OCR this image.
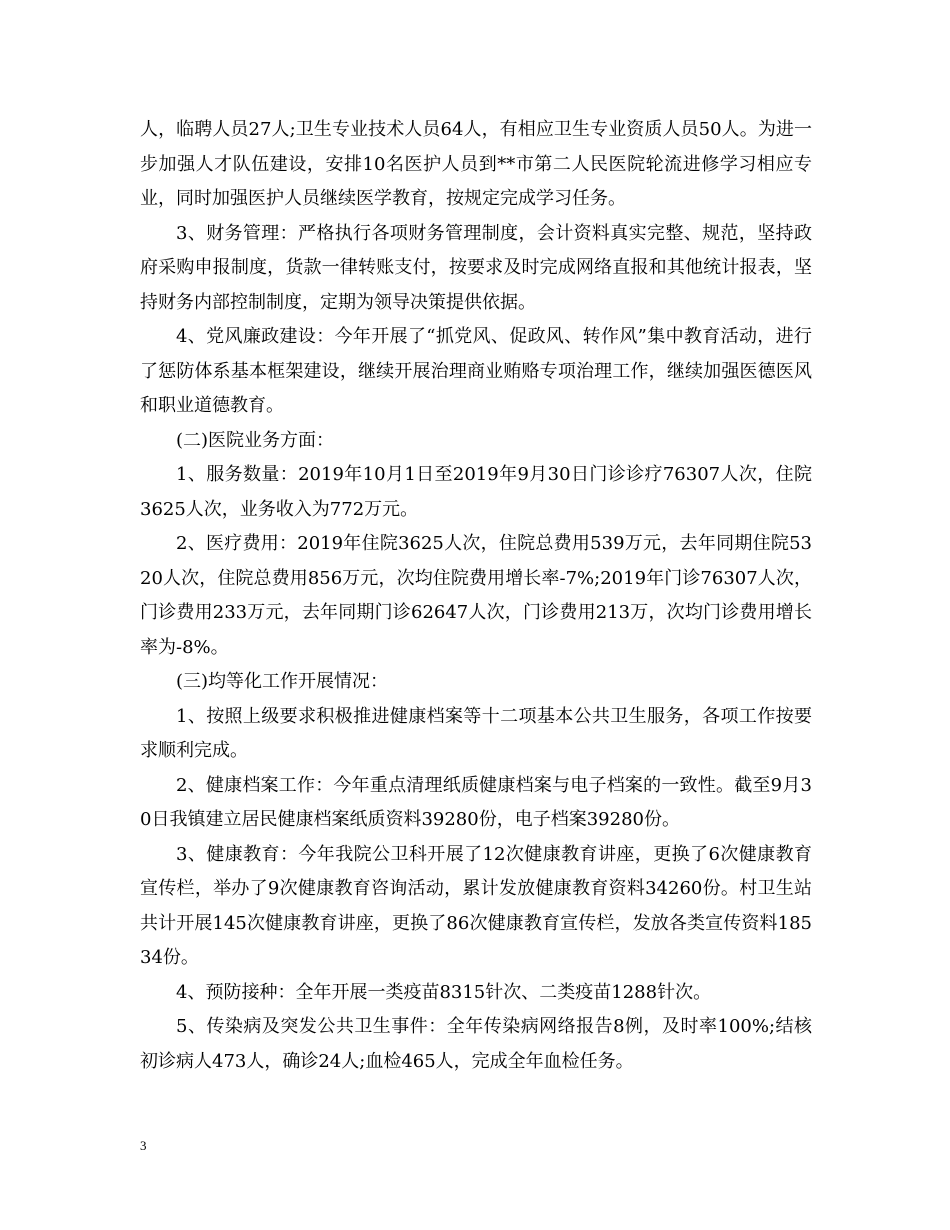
人，临聘人员27人;卫生专业技术人员64人，有相应卫生专业资质人员50人。为进一步加强人才队伍建设，安排10名医护人员到**市第二人民医院轮流进修学习相应专业，同时加强医护人员继续医学教育，按规定完成学习任务。

3、财务管理：严格执行各项财务管理制度，会计资料真实完整、规范，坚持政府采购申报制度，货款一律转账支付，按要求及时完成网络直报和其他统计报表，坚持财务内部控制制度，定期为领导决策提供依据。

4、党风廉政建设：今年开展了“抓党风、促政风、转作风”集中教育活动，进行了惩防体系基本框架建设，继续开展治理商业贿赂专项治理工作，继续加强医德医风和职业道德教育。

(二)医院业务方面：

1、服务数量：2019年10月1日至2019年9月30日门诊诊疗76307人次，住院3625人次，业务收入为772万元。

2、医疗费用：2019年住院3625人次，住院总费用539万元，去年同期住院5320人次，住院总费用856万元，次均住院费用增长率-7%;2019年门诊76307人次，门诊费用233万元，去年同期门诊62647人次，门诊费用213万，次均门诊费用增长率为-8%。

(三)均等化工作开展情况：

1、按照上级要求积极推进健康档案等十二项基本公共卫生服务，各项工作按要求顺利完成。

2、健康档案工作：今年重点清理纸质健康档案与电子档案的一致性。截至9月30日我镇建立居民健康档案纸质资料39280份，电子档案39280份。

3、健康教育：今年我院公卫科开展了12次健康教育讲座，更换了6次健康教育宣传栏，举办了9次健康教育咨询活动，累计发放健康教育资料34260份。村卫生站共计开展145次健康教育讲座，更换了86次健康教育宣传栏，发放各类宣传资料18534份。

4、预防接种：全年开展一类疫苗8315针次、二类疫苗1288针次。

5、传染病及突发公共卫生事件：全年传染病网络报告8例，及时率100%;结核初诊病人473人，确诊24人;血检465人，完成全年血检任务。

3
